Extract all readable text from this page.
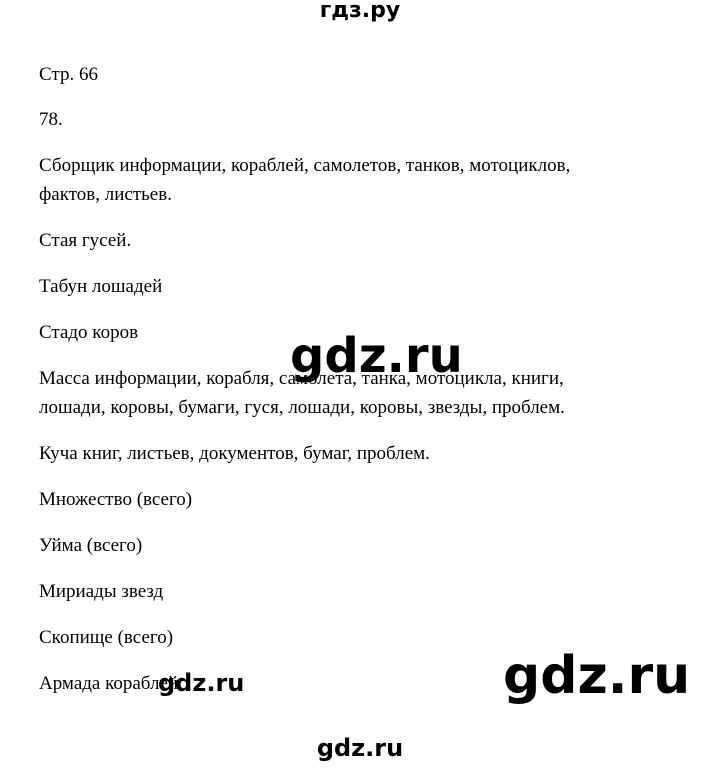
гдз.ру

Стр. 66

78.

Сборщик информации, кораблей, самолетов, танков, мотоциклов,

фактов, листьев.

Стая гусей.

Табун лошадей

Стадо коров

Масса информации, корабля, самолета, танка, мотоцикла, книги,

лошади, коровы, бумаги, гуся, лошади, коровы, звезды, проблем.

Куча книг, листьев, документов, бумаг, проблем.

Множество (всего)

Уйма (всего)

Мириады звезд

Скопище (всего)

Армада кораблей.

gdz.ru
gdz.ru
gdz.ru
gdz.ru
